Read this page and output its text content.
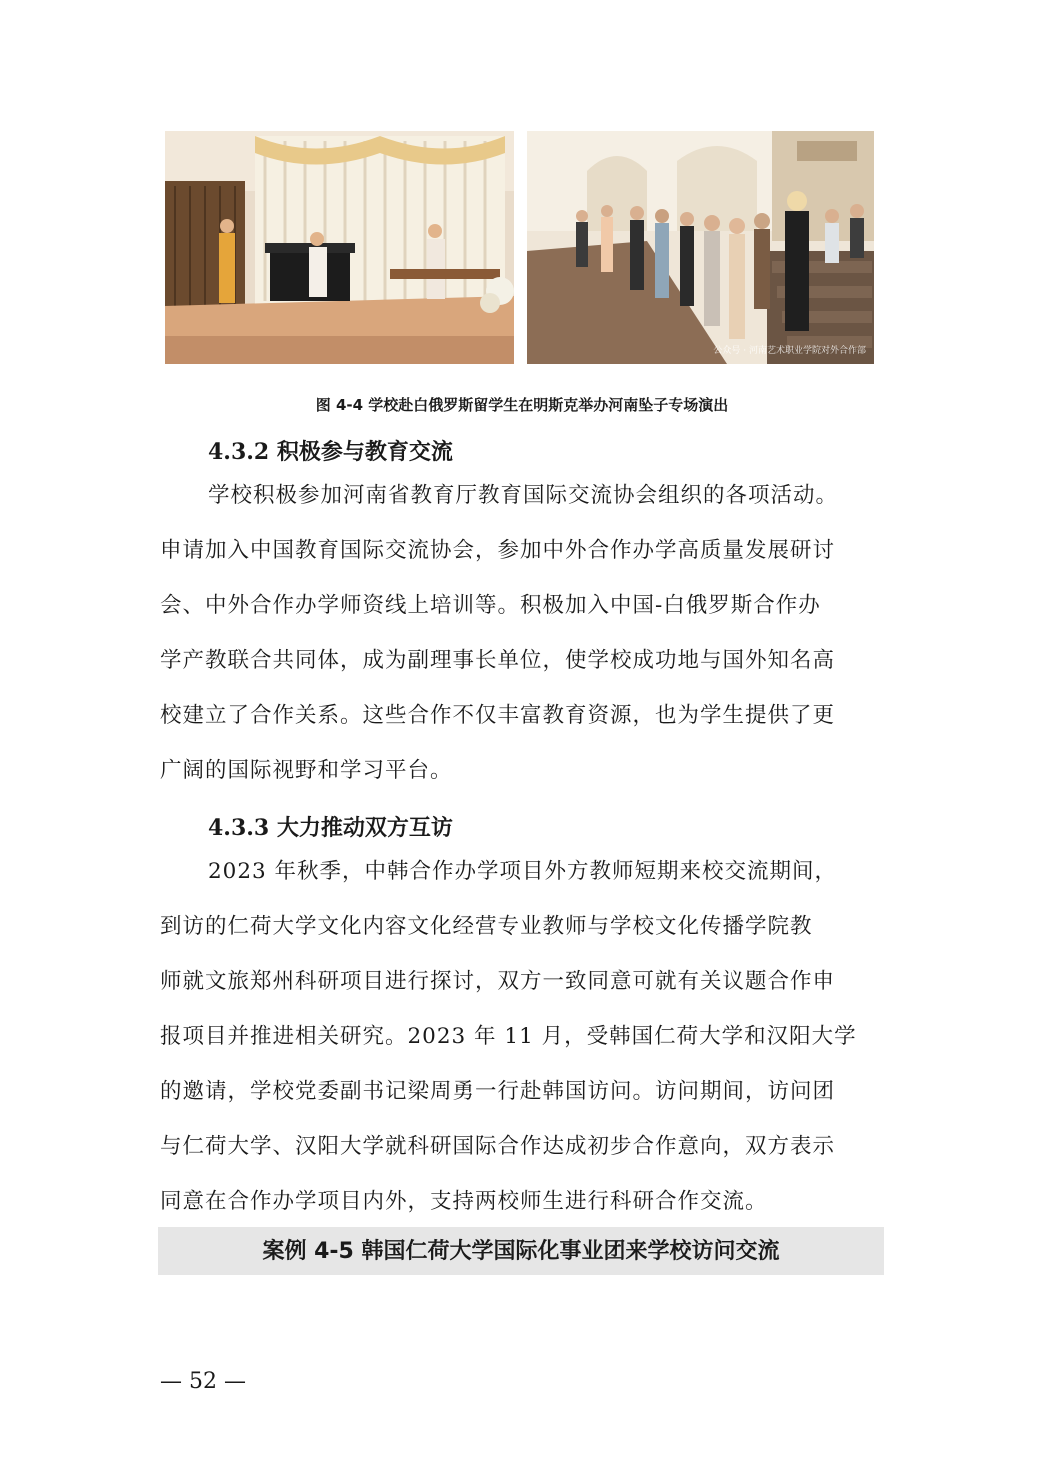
公众号 · 河南艺术职业学院对外合作部
图 4-4 学校赴白俄罗斯留学生在明斯克举办河南坠子专场演出
4.3.2 积极参与教育交流
学校积极参加河南省教育厅教育国际交流协会组织的各项活动。
申请加入中国教育国际交流协会，参加中外合作办学高质量发展研讨
会、中外合作办学师资线上培训等。积极加入中国-白俄罗斯合作办
学产教联合共同体，成为副理事长单位，使学校成功地与国外知名高
校建立了合作关系。这些合作不仅丰富教育资源，也为学生提供了更
广阔的国际视野和学习平台。
4.3.3 大力推动双方互访
2023 年秋季，中韩合作办学项目外方教师短期来校交流期间，
到访的仁荷大学文化内容文化经营专业教师与学校文化传播学院教
师就文旅郑州科研项目进行探讨，双方一致同意可就有关议题合作申
报项目并推进相关研究。2023 年 11 月，受韩国仁荷大学和汉阳大学
的邀请，学校党委副书记梁周勇一行赴韩国访问。访问期间，访问团
与仁荷大学、汉阳大学就科研国际合作达成初步合作意向，双方表示
同意在合作办学项目内外，支持两校师生进行科研合作交流。
案例 4-5 韩国仁荷大学国际化事业团来学校访问交流
— 52 —
